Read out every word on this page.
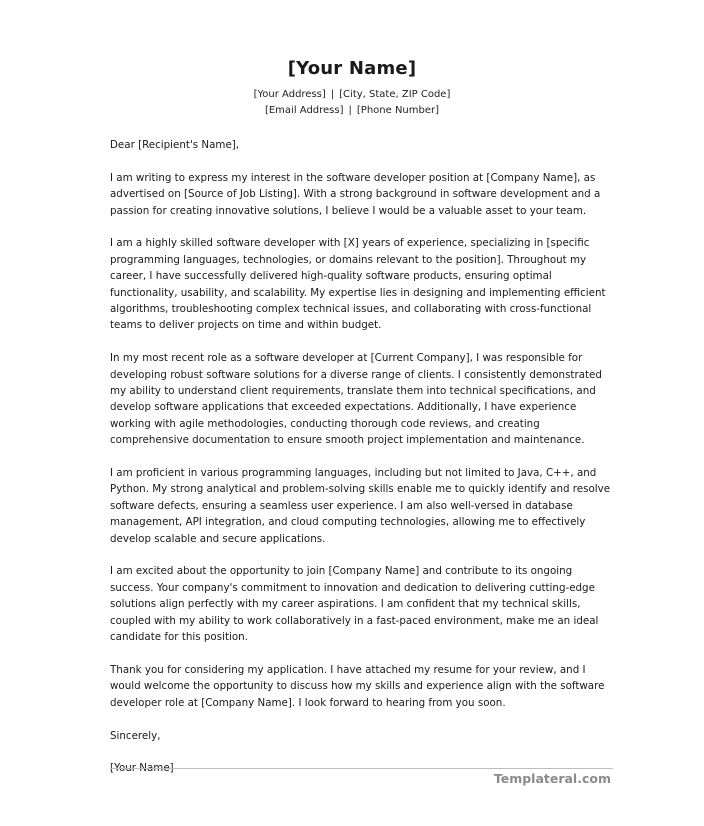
[Your Name]
[Your Address] | [City, State, ZIP Code]
[Email Address] | [Phone Number]

Dear [Recipient's Name],

I am writing to express my interest in the software developer position at [Company Name], as advertised on [Source of Job Listing]. With a strong background in software development and a passion for creating innovative solutions, I believe I would be a valuable asset to your team.

I am a highly skilled software developer with [X] years of experience, specializing in [specific programming languages, technologies, or domains relevant to the position]. Throughout my career, I have successfully delivered high-quality software products, ensuring optimal functionality, usability, and scalability. My expertise lies in designing and implementing efficient algorithms, troubleshooting complex technical issues, and collaborating with cross-functional teams to deliver projects on time and within budget.

In my most recent role as a software developer at [Current Company], I was responsible for developing robust software solutions for a diverse range of clients. I consistently demonstrated my ability to understand client requirements, translate them into technical specifications, and develop software applications that exceeded expectations. Additionally, I have experience working with agile methodologies, conducting thorough code reviews, and creating comprehensive documentation to ensure smooth project implementation and maintenance.

I am proficient in various programming languages, including but not limited to Java, C++, and Python. My strong analytical and problem-solving skills enable me to quickly identify and resolve software defects, ensuring a seamless user experience. I am also well-versed in database management, API integration, and cloud computing technologies, allowing me to effectively develop scalable and secure applications.

I am excited about the opportunity to join [Company Name] and contribute to its ongoing success. Your company's commitment to innovation and dedication to delivering cutting-edge solutions align perfectly with my career aspirations. I am confident that my technical skills, coupled with my ability to work collaboratively in a fast-paced environment, make me an ideal candidate for this position.

Thank you for considering my application. I have attached my resume for your review, and I would welcome the opportunity to discuss how my skills and experience align with the software developer role at [Company Name]. I look forward to hearing from you soon.

Sincerely,

[Your Name]

Templateral.com
